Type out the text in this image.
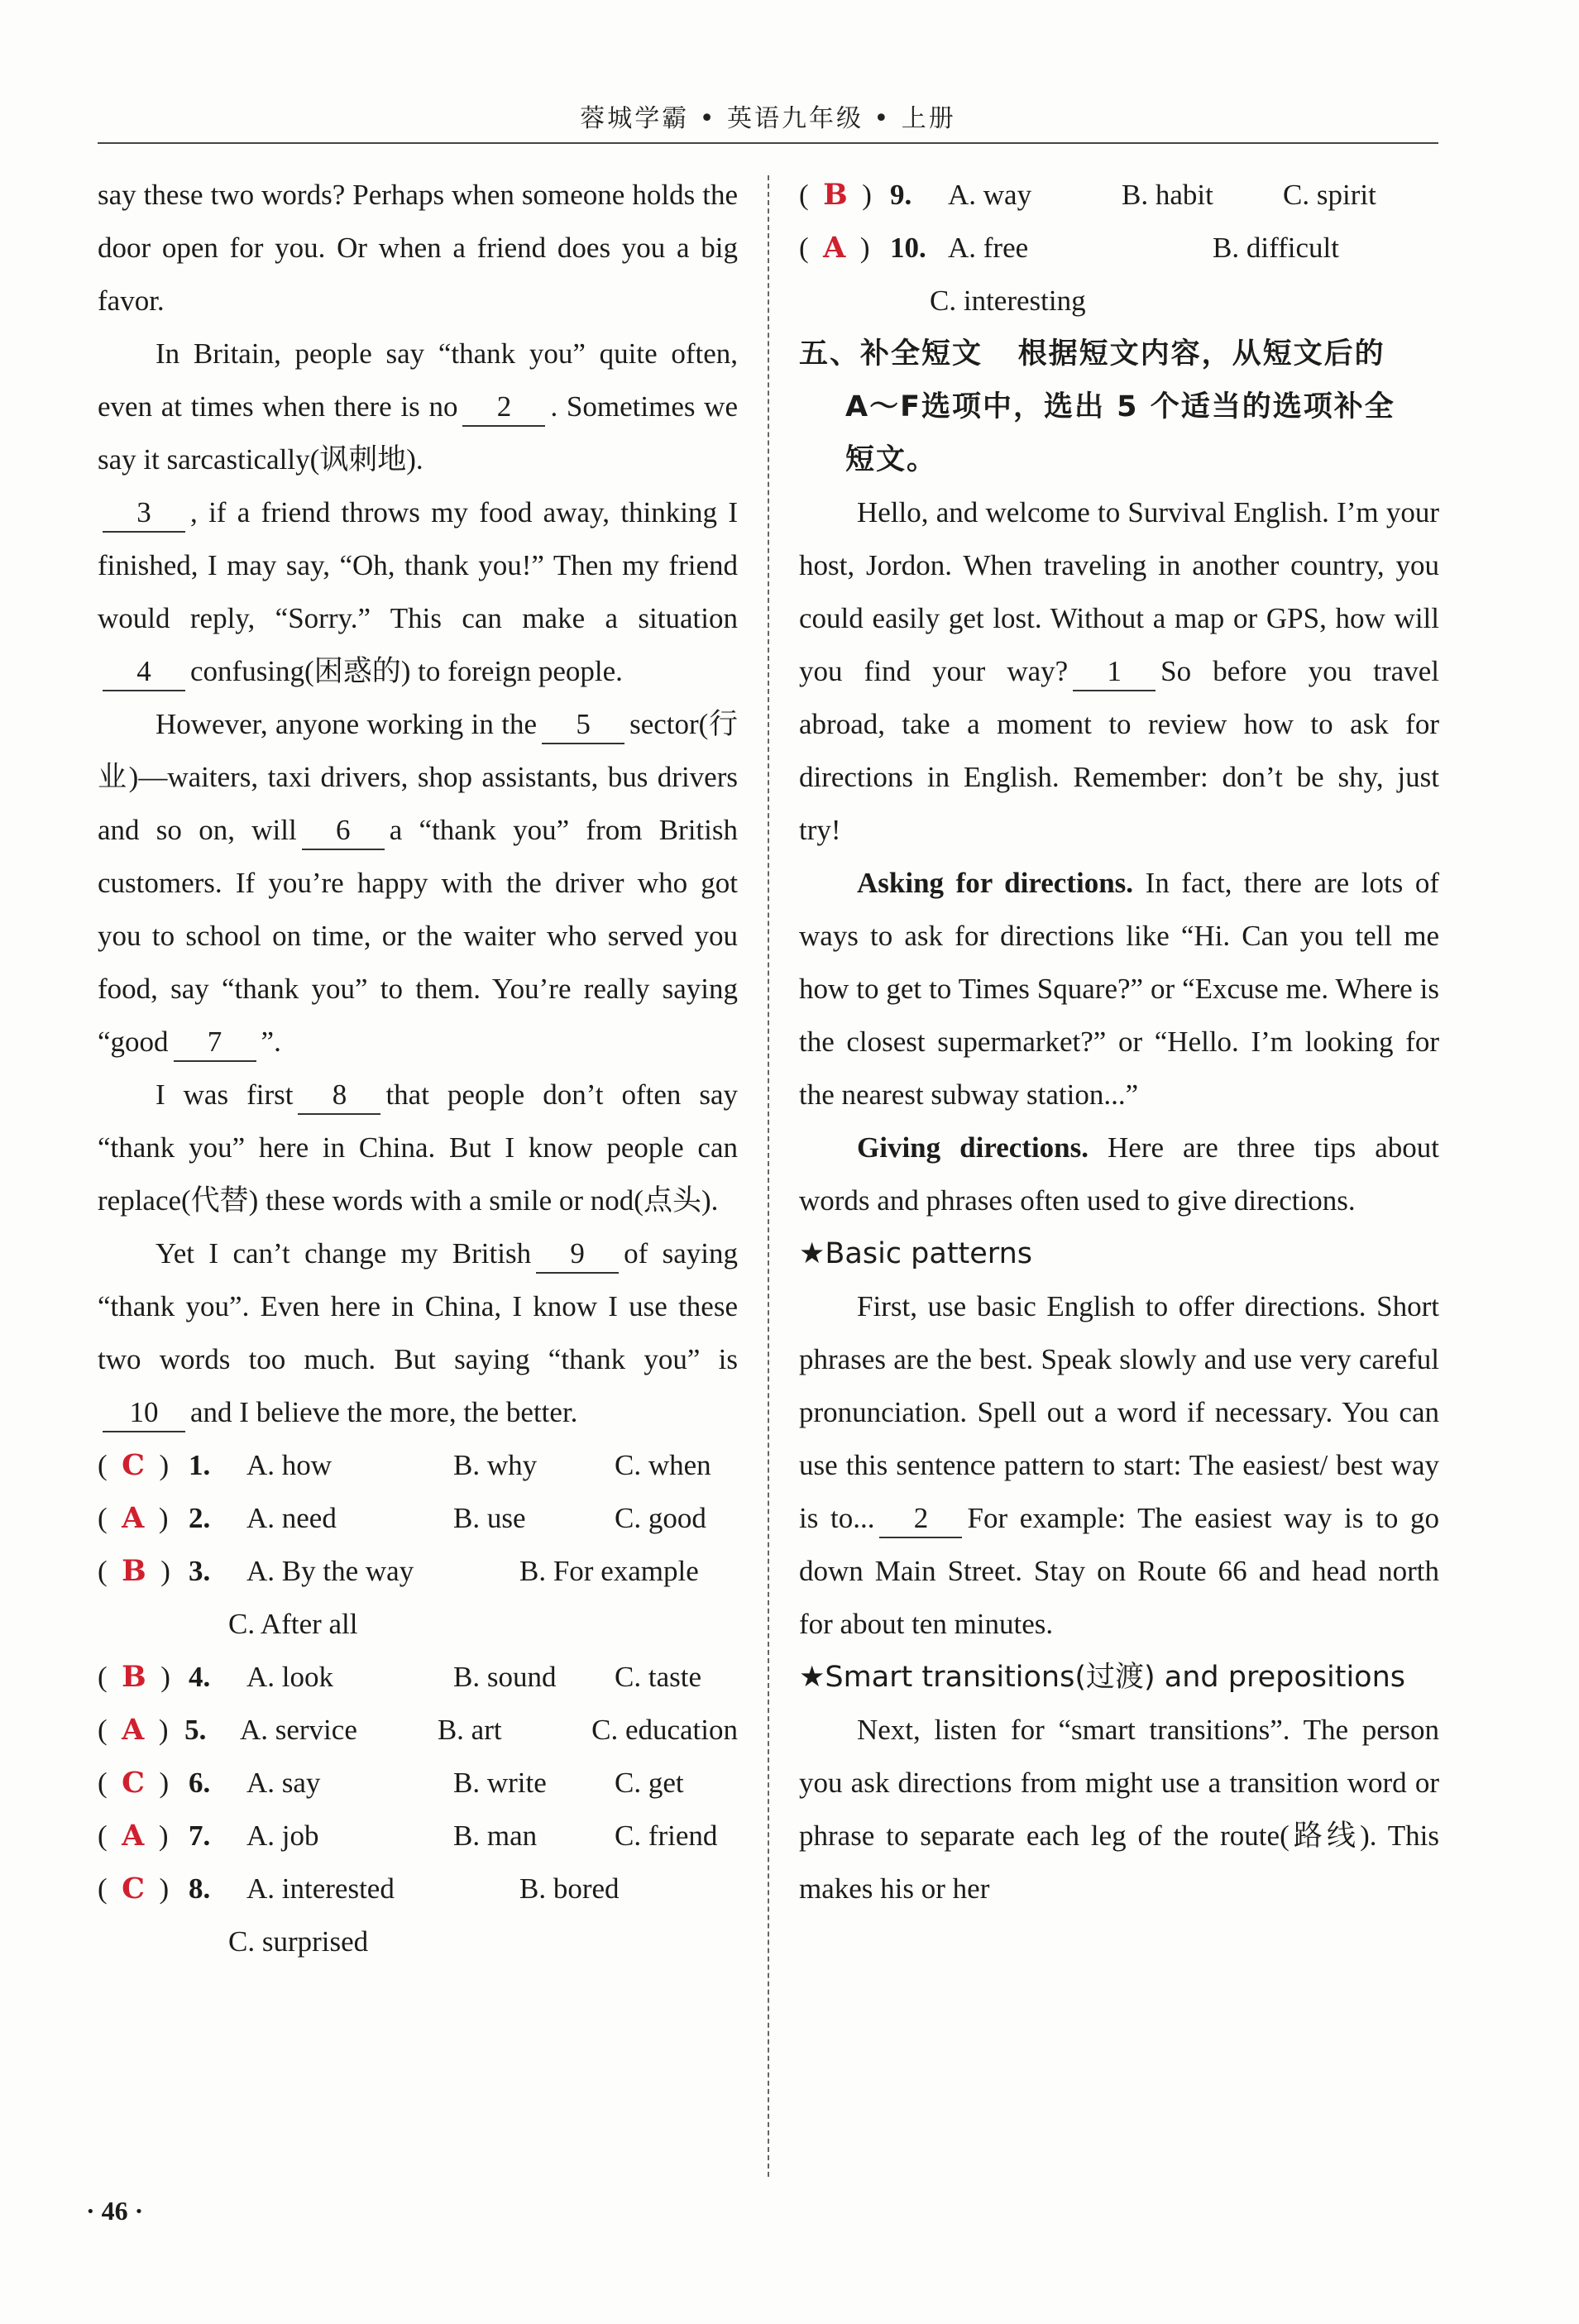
蓉城学霸 • 英语九年级 • 上册

say these two words? Perhaps when someone holds the door open for you. Or when a friend does you a big favor.

In Britain, people say “thank you” quite often, even at times when there is no 2 . Sometimes we say it sarcastically(讽刺地).
3 , if a friend throws my food away, thinking I finished, I may say, “Oh, thank you!” Then my friend would reply, “Sorry.” This can make a situation4 confusing(困惑的) to foreign people.

However, anyone working in the 5 sector(行业)—waiters, taxi drivers, shop assistants, bus drivers and so on, will 6 a “thank you” from British customers. If you’re happy with the driver who got you to school on time, or the waiter who served you food, say “thank you” to them. You’re really saying “good 7 ”.

I was first 8 that people don’t often say “thank you” here in China. But I know people can replace(代替) these words with a smile or nod(点头).

Yet I can’t change my British 9 of saying “thank you”. Even here in China, I know I use these two words too much. But saying “thank you” is10 and I believe the more, the better.

(  C  ) 1.	A. how	B. why	C. when
(  A  ) 2.	A. need	B. use	C. good
(  B  ) 3.	A. By the way	B. For example
C. After all
(  B  ) 4.	A. look	B. sound	C. taste
(  A  ) 5.	A. service	B. art	C. education
(  C  ) 6.	A. say	B. write	C. get
(  A  ) 7.	A. job	B. man	C. friend
(  C  ) 8.	A. interested	B. bored
C. surprised
(  B  ) 9.	A. way	B. habit	C. spirit
(  A  ) 10. A. free	B. difficult
C. interesting
五、补全短文 根据短文内容，从短文后的
A～F选项中，选出 5 个适当的选项补全
短文。

Hello, and welcome to Survival English. I’m your host, Jordon. When traveling in another country, you could easily get lost. Without a map or GPS, how will you find your way? 1 So before you travel abroad, take a moment to review how to ask for directions in English. Remember: don’t be shy, just try!

Asking for directions. In fact, there are lots of ways to ask for directions like “Hi. Can you tell me how to get to Times Square?” or “Excuse me. Where is the closest supermarket?” or “Hello. I’m looking for the nearest subway station...”

Giving directions. Here are three tips about words and phrases often used to give directions.

★Basic patterns

First, use basic English to offer directions. Short phrases are the best. Speak slowly and use very careful pronunciation. Spell out a word if necessary. You can use this sentence pattern to start: The easiest/ best way is to... 2 For example: The easiest way is to go down Main Street. Stay on Route 66 and head north for about ten minutes.

★Smart transitions(过渡) and prepositions

Next, listen for “smart transitions”. The person you ask directions from might use a transition word or phrase to separate each leg of the route(路线). This makes his or her

· 46 ·
